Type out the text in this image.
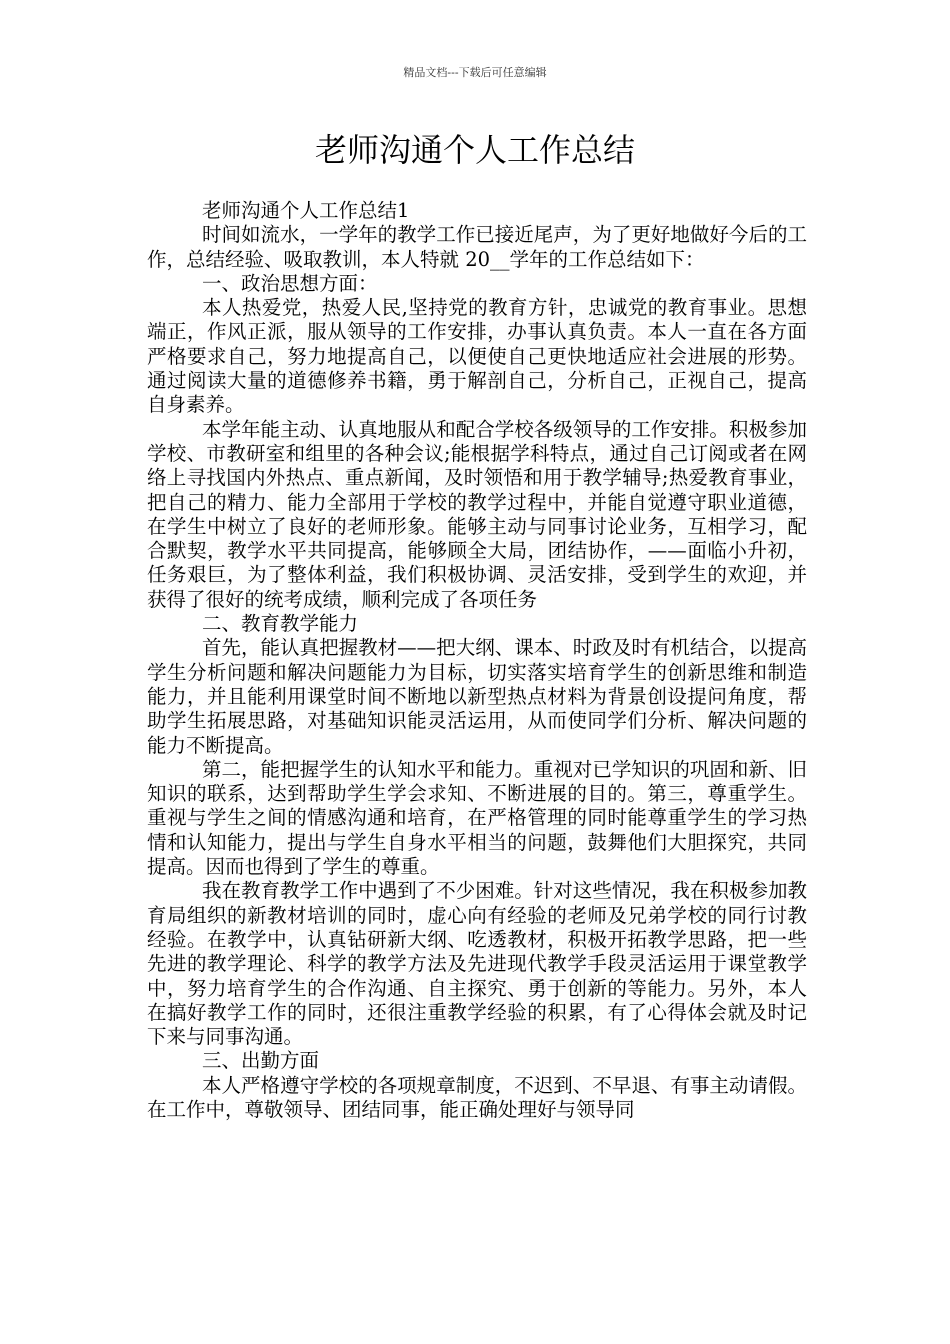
精品文档---下载后可任意编辑
老师沟通个人工作总结

老师沟通个人工作总结1

时间如流水，一学年的教学工作已接近尾声，为了更好地做好今后的工作，总结经验、吸取教训，本人特就 20__学年的工作总结如下：

一、政治思想方面：

本人热爱党，热爱人民,坚持党的教育方针，忠诚党的教育事业。思想端正，作风正派，服从领导的工作安排，办事认真负责。本人一直在各方面严格要求自己，努力地提高自己，以便使自己更快地适应社会进展的形势。通过阅读大量的道德修养书籍，勇于解剖自己，分析自己，正视自己，提高自身素养。

本学年能主动、认真地服从和配合学校各级领导的工作安排。积极参加学校、市教研室和组里的各种会议;能根据学科特点，通过自己订阅或者在网络上寻找国内外热点、重点新闻，及时领悟和用于教学辅导;热爱教育事业，把自己的精力、能力全部用于学校的教学过程中，并能自觉遵守职业道德，在学生中树立了良好的老师形象。能够主动与同事讨论业务，互相学习，配合默契，教学水平共同提高，能够顾全大局，团结协作，——面临小升初，任务艰巨，为了整体利益，我们积极协调、灵活安排，受到学生的欢迎，并获得了很好的统考成绩，顺利完成了各项任务

二、教育教学能力

首先，能认真把握教材——把大纲、课本、时政及时有机结合，以提高学生分析问题和解决问题能力为目标，切实落实培育学生的创新思维和制造能力，并且能利用课堂时间不断地以新型热点材料为背景创设提问角度，帮助学生拓展思路，对基础知识能灵活运用，从而使同学们分析、解决问题的能力不断提高。

第二，能把握学生的认知水平和能力。重视对已学知识的巩固和新、旧知识的联系，达到帮助学生学会求知、不断进展的目的。第三，尊重学生。重视与学生之间的情感沟通和培育，在严格管理的同时能尊重学生的学习热情和认知能力，提出与学生自身水平相当的问题，鼓舞他们大胆探究，共同提高。因而也得到了学生的尊重。

我在教育教学工作中遇到了不少困难。针对这些情况，我在积极参加教育局组织的新教材培训的同时，虚心向有经验的老师及兄弟学校的同行讨教经验。在教学中，认真钻研新大纲、吃透教材，积极开拓教学思路，把一些先进的教学理论、科学的教学方法及先进现代教学手段灵活运用于课堂教学中，努力培育学生的合作沟通、自主探究、勇于创新的等能力。另外，本人在搞好教学工作的同时，还很注重教学经验的积累，有了心得体会就及时记下来与同事沟通。

三、出勤方面

本人严格遵守学校的各项规章制度，不迟到、不早退、有事主动请假。在工作中，尊敬领导、团结同事，能正确处理好与领导同
